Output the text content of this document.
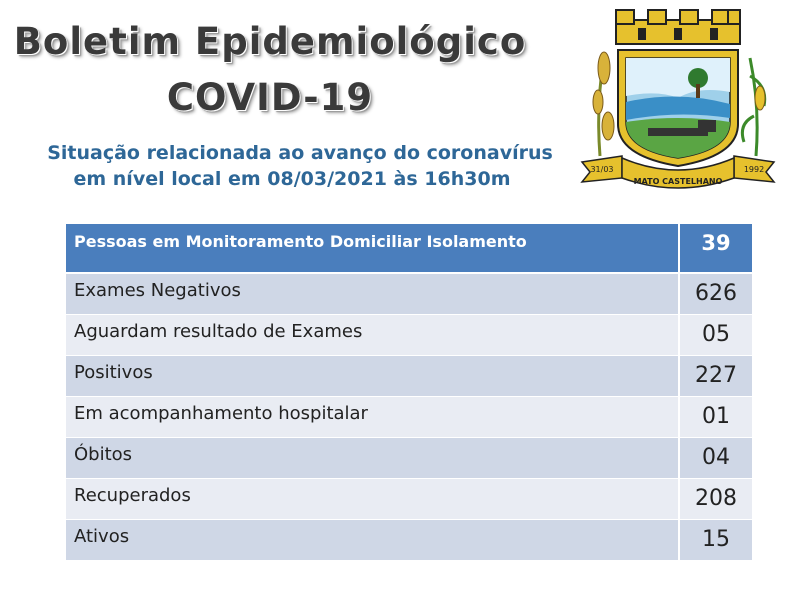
Boletim Epidemiológico
COVID-19
Situação relacionada ao avanço do coronavírus
em nível local em 08/03/2021 às 16h30m	31/03
MATO CASTELHANO
1992
Pessoas em Monitoramento Domiciliar Isolamento	39
Exames Negativos	626
Aguardam resultado de Exames	05
Positivos	227
Em acompanhamento hospitalar	01
Óbitos	04
Recuperados	208
Ativos	15
